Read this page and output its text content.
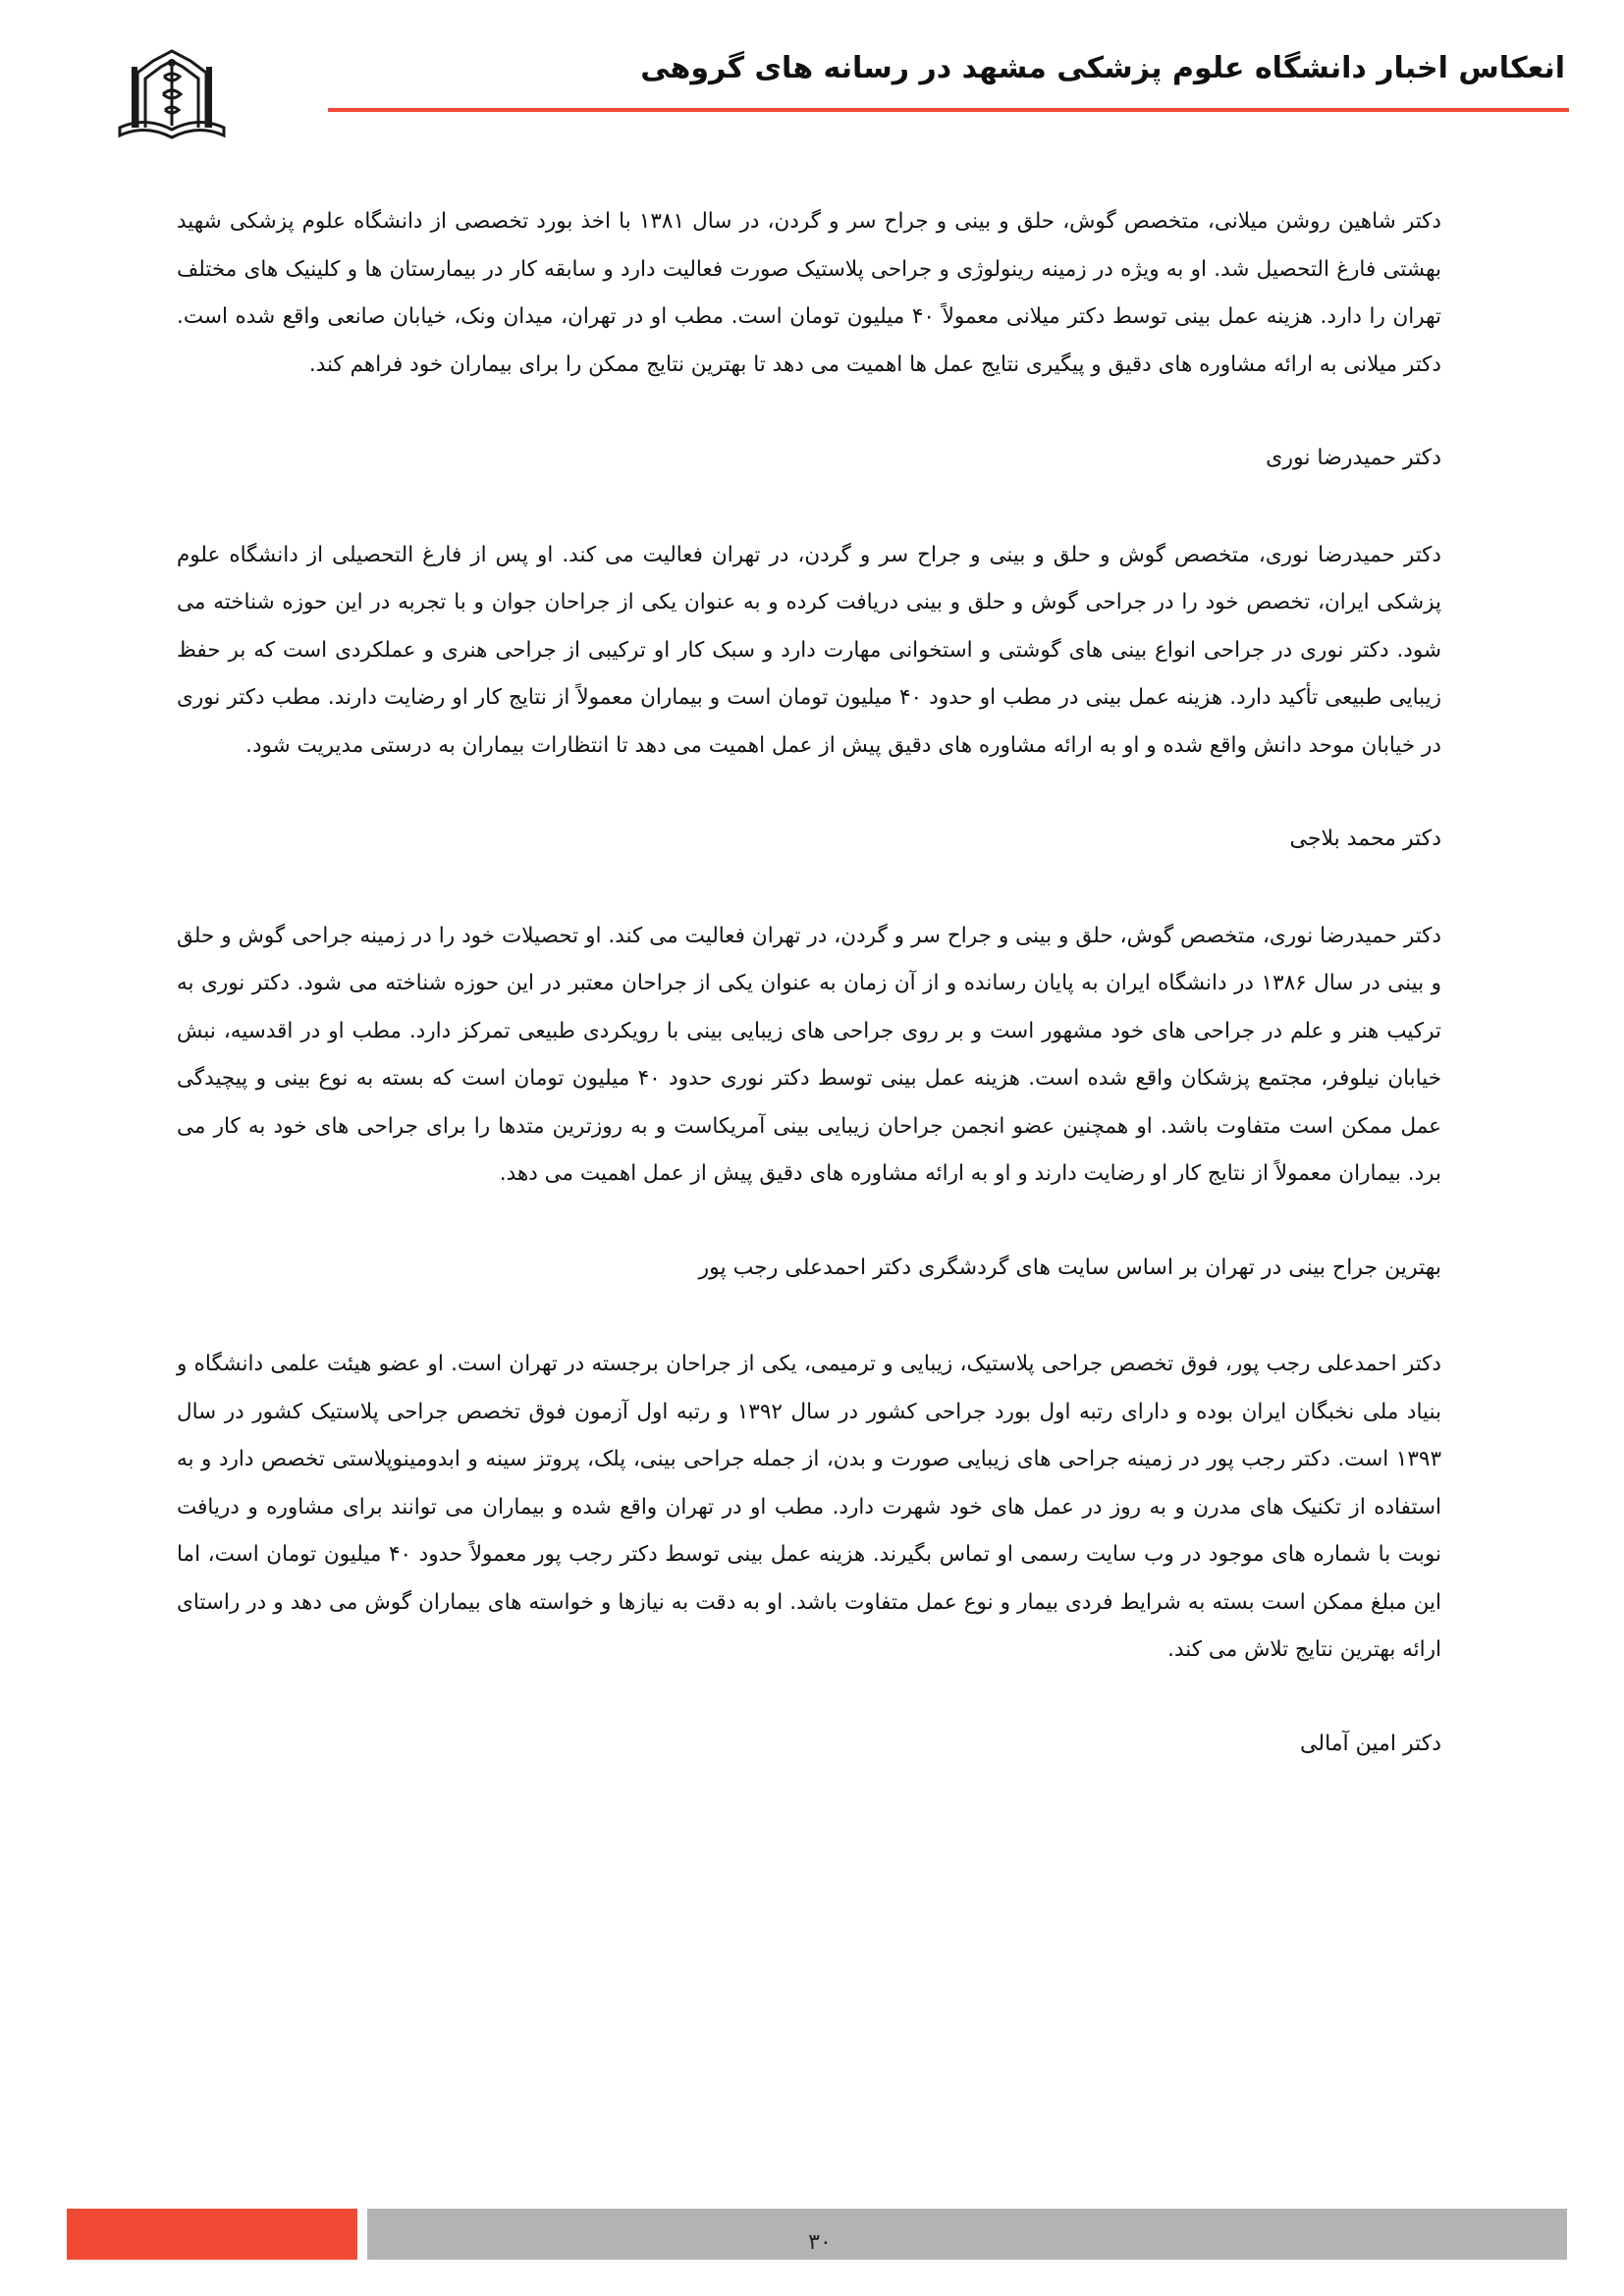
انعکاس اخبار دانشگاه علوم پزشکی مشهد در رسانه های گروهی

دکتر شاهین روشن میلانی، متخصص گوش، حلق و بینی و جراح سر و گردن، در سال ۱۳۸۱ با اخذ بورد تخصصی از دانشگاه علوم پزشکی شهید بهشتی فارغ التحصیل شد. او به ویژه در زمینه رینولوژی و جراحی پلاستیک صورت فعالیت دارد و سابقه کار در بیمارستان ها و کلینیک های مختلف تهران را دارد. هزینه عمل بینی توسط دکتر میلانی معمولاً ۴۰ میلیون تومان است. مطب او در تهران، میدان ونک، خیابان صانعی واقع شده است. دکتر میلانی به ارائه مشاوره های دقیق و پیگیری نتایج عمل ها اهمیت می دهد تا بهترین نتایج ممکن را برای بیماران خود فراهم کند.

دکتر حمیدرضا نوری

دکتر حمیدرضا نوری، متخصص گوش و حلق و بینی و جراح سر و گردن، در تهران فعالیت می کند. او پس از فارغ التحصیلی از دانشگاه علوم پزشکی ایران، تخصص خود را در جراحی گوش و حلق و بینی دریافت کرده و به عنوان یکی از جراحان جوان و با تجربه در این حوزه شناخته می شود. دکتر نوری در جراحی انواع بینی های گوشتی و استخوانی مهارت دارد و سبک کار او ترکیبی از جراحی هنری و عملکردی است که بر حفظ زیبایی طبیعی تأکید دارد. هزینه عمل بینی در مطب او حدود ۴۰ میلیون تومان است و بیماران معمولاً از نتایج کار او رضایت دارند. مطب دکتر نوری در خیابان موحد دانش واقع شده و او به ارائه مشاوره های دقیق پیش از عمل اهمیت می دهد تا انتظارات بیماران به درستی مدیریت شود.

دکتر محمد بلاجی

دکتر حمیدرضا نوری، متخصص گوش، حلق و بینی و جراح سر و گردن، در تهران فعالیت می کند. او تحصیلات خود را در زمینه جراحی گوش و حلق و بینی در سال ۱۳۸۶ در دانشگاه ایران به پایان رسانده و از آن زمان به عنوان یکی از جراحان معتبر در این حوزه شناخته می شود. دکتر نوری به ترکیب هنر و علم در جراحی های خود مشهور است و بر روی جراحی های زیبایی بینی با رویکردی طبیعی تمرکز دارد. مطب او در اقدسیه، نبش خیابان نیلوفر، مجتمع پزشکان واقع شده است. هزینه عمل بینی توسط دکتر نوری حدود ۴۰ میلیون تومان است که بسته به نوع بینی و پیچیدگی عمل ممکن است متفاوت باشد. او همچنین عضو انجمن جراحان زیبایی بینی آمریکاست و به روزترین متدها را برای جراحی های خود به کار می برد. بیماران معمولاً از نتایج کار او رضایت دارند و او به ارائه مشاوره های دقیق پیش از عمل اهمیت می دهد.

بهترین جراح بینی در تهران بر اساس سایت های گردشگری دکتر احمدعلی رجب پور

دکتر احمدعلی رجب پور، فوق تخصص جراحی پلاستیک، زیبایی و ترمیمی، یکی از جراحان برجسته در تهران است. او عضو هیئت علمی دانشگاه و بنیاد ملی نخبگان ایران بوده و دارای رتبه اول بورد جراحی کشور در سال ۱۳۹۲ و رتبه اول آزمون فوق تخصص جراحی پلاستیک کشور در سال ۱۳۹۳ است. دکتر رجب پور در زمینه جراحی های زیبایی صورت و بدن، از جمله جراحی بینی، پلک، پروتز سینه و ابدومینوپلاستی تخصص دارد و به استفاده از تکنیک های مدرن و به روز در عمل های خود شهرت دارد. مطب او در تهران واقع شده و بیماران می توانند برای مشاوره و دریافت نوبت با شماره های موجود در وب سایت رسمی او تماس بگیرند. هزینه عمل بینی توسط دکتر رجب پور معمولاً حدود ۴۰ میلیون تومان است، اما این مبلغ ممکن است بسته به شرایط فردی بیمار و نوع عمل متفاوت باشد. او به دقت به نیازها و خواسته های بیماران گوش می دهد و در راستای ارائه بهترین نتایج تلاش می کند.

دکتر امین آمالی

۳۰
